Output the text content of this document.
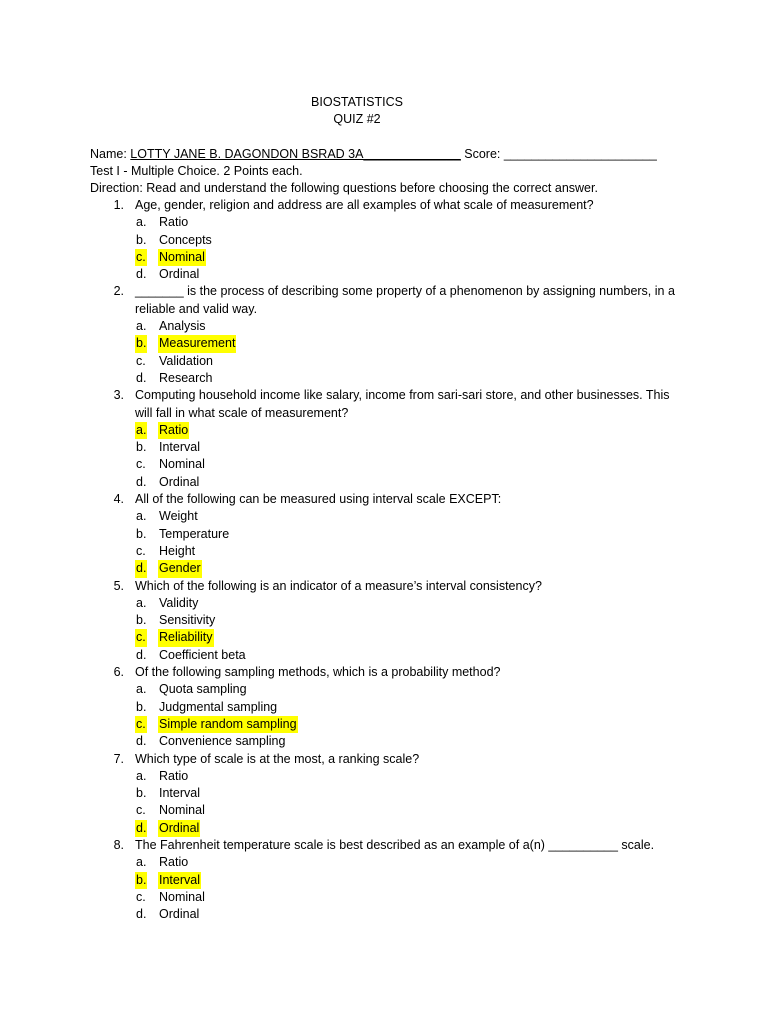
BIOSTATISTICS
QUIZ #2
Name: LOTTY JANE B. DAGONDON BSRAD 3A______________ Score: ______________________
Test I - Multiple Choice. 2 Points each.
Direction: Read and understand the following questions before choosing the correct answer.
1. Age, gender, religion and address are all examples of what scale of measurement?
a. Ratio
b. Concepts
c. Nominal
d. Ordinal
2. _______ is the process of describing some property of a phenomenon by assigning numbers, in a reliable and valid way.
a. Analysis
b. Measurement
c. Validation
d. Research
3. Computing household income like salary, income from sari-sari store, and other businesses. This will fall in what scale of measurement?
a. Ratio
b. Interval
c. Nominal
d. Ordinal
4. All of the following can be measured using interval scale EXCEPT:
a. Weight
b. Temperature
c. Height
d. Gender
5. Which of the following is an indicator of a measure’s interval consistency?
a. Validity
b. Sensitivity
c. Reliability
d. Coefficient beta
6. Of the following sampling methods, which is a probability method?
a. Quota sampling
b. Judgmental sampling
c. Simple random sampling
d. Convenience sampling
7. Which type of scale is at the most, a ranking scale?
a. Ratio
b. Interval
c. Nominal
d. Ordinal
8. The Fahrenheit temperature scale is best described as an example of a(n) __________ scale.
a. Ratio
b. Interval
c. Nominal
d. Ordinal
